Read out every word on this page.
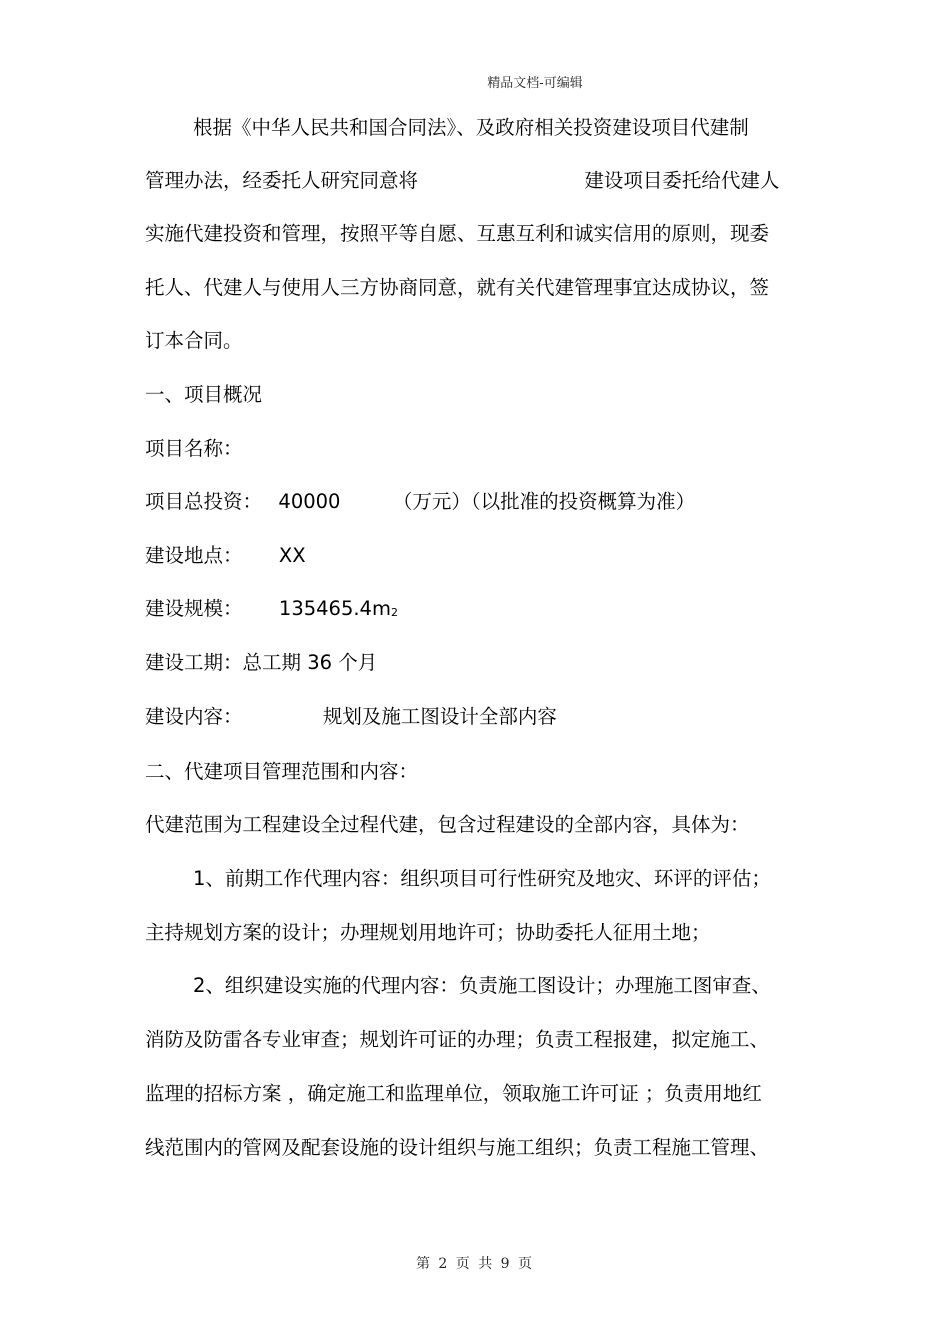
精品文档-可编辑
根据《中华人民共和国合同法》、及政府相关投资建设项目代建制
管理办法，经委托人研究同意将	建设项目委托给代建人
实施代建投资和管理，按照平等自愿、互惠互利和诚实信用的原则，现委
托人、代建人与使用人三方协商同意，就有关代建管理事宜达成协议，签
订本合同。
一、项目概况
项目名称：
项目总投资： 40000	（万元）（以批准的投资概算为准）
建设地点： XX
建设规模： 135465.4m2
建设工期：总工期 36 个月
建设内容：	规划及施工图设计全部内容
二、代建项目管理范围和内容：
代建范围为工程建设全过程代建，包含过程建设的全部内容，具体为：
1、前期工作代理内容：组织项目可行性研究及地灾、环评的评估；
主持规划方案的设计；办理规划用地许可；协助委托人征用土地；
2、组织建设实施的代理内容：负责施工图设计；办理施工图审查、
消防及防雷各专业审查；规划许可证的办理；负责工程报建，拟定施工、
监理的招标方案 ，确定施工和监理单位，领取施工许可证 ；负责用地红
线范围内的管网及配套设施的设计组织与施工组织；负责工程施工管理、
第 2 页 共 9 页
